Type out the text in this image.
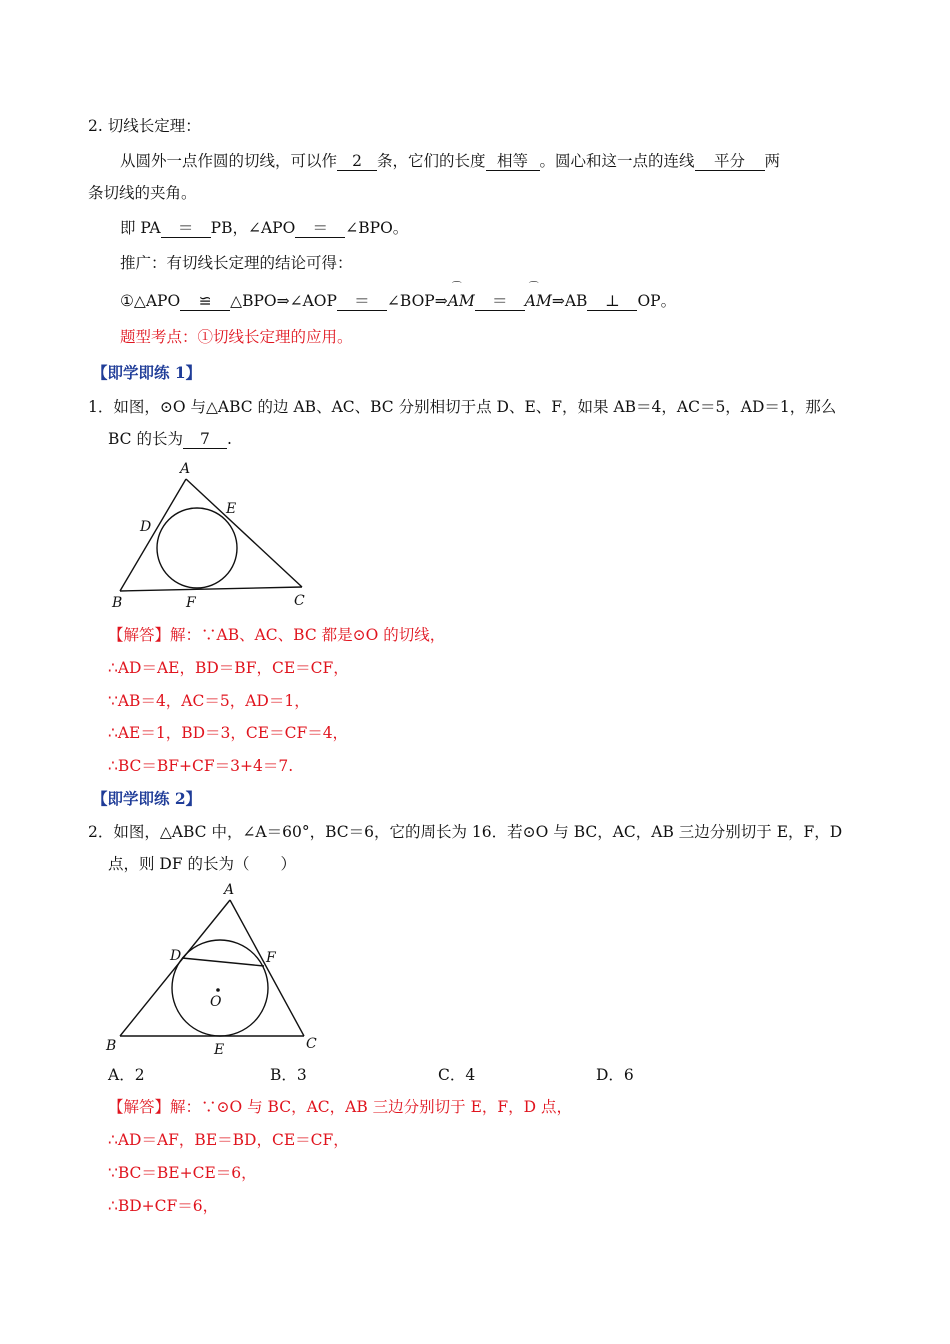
2. 切线长定理：
从圆外一点作圆的切线，可以作 2 条，它们的长度 相等 。圆心和这一点的连线 平分 两
条切线的夹角。
即 PA ＝ PB，∠APO ＝ ∠BPO。
推广：有切线长定理的结论可得：
①△APO ≌ △BPO⇒∠AOP ＝ ∠BOP⇒⌒ AM ＝⌒ AM⇒AB ⊥ OP。
题型考点：①切线长定理的应用。
【即学即练 1】
1．如图，⊙O 与△ABC 的边 AB、AC、BC 分别相切于点 D、E、F，如果 AB＝4，AC＝5，AD＝1，那么
BC 的长为 7 .
A
B	C
D
E
F
【解答】解：∵AB、AC、BC 都是⊙O 的切线，
∴AD＝AE，BD＝BF，CE＝CF，
∵AB＝4，AC＝5，AD＝1，
∴AE＝1，BD＝3，CE＝CF＝4，
∴BC＝BF+CF＝3+4＝7.
【即学即练 2】
2．如图，△ABC 中，∠A＝60°，BC＝6，它的周长为 16．若⊙O 与 BC，AC，AB 三边分别切于 E，F，D
点，则 DF 的长为（　　）
A
B	C
D	F
E
O
A．2	B．3	C．4	D．6
【解答】解：∵⊙O 与 BC，AC，AB 三边分别切于 E，F，D 点，
∴AD＝AF，BE＝BD，CE＝CF，
∵BC＝BE+CE＝6，
∴BD+CF＝6，
